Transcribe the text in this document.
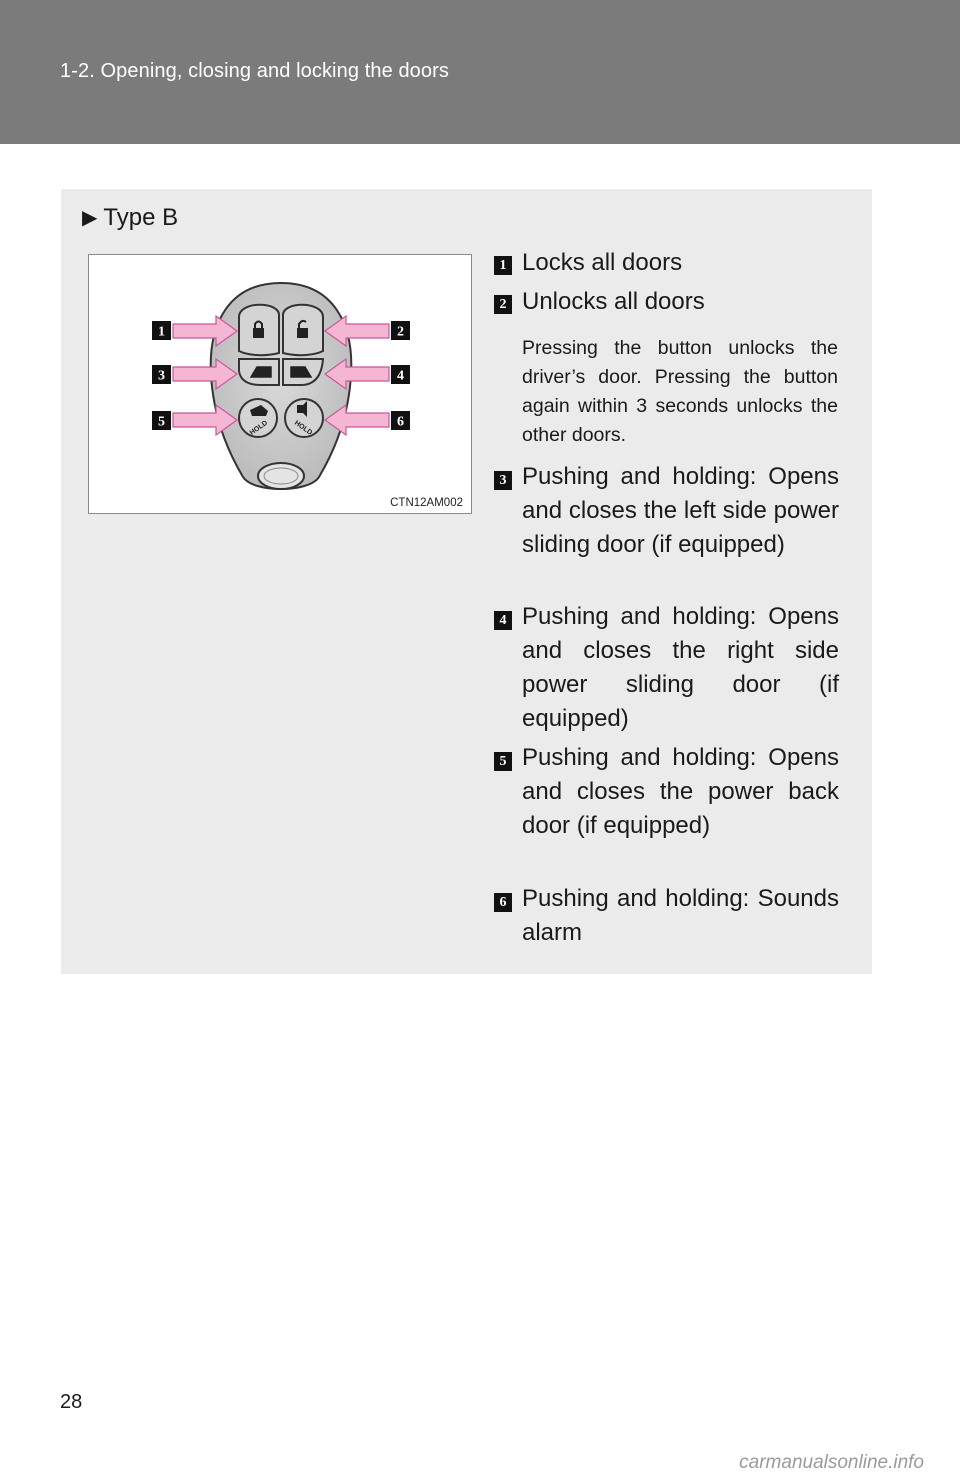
1-2. Opening, closing and locking the doors
▶ Type B
HOLD	HOLD
1
3
5
2
4
6
CTN12AM002
1 Locks all doors
2 Unlocks all doors
Pressing the button unlocks the driver’s door. Pressing the button again within 3 seconds unlocks the other doors.
3 Pushing and holding: Opens and closes the left side power sliding door (if equipped)
4 Pushing and holding: Opens and closes the right side power sliding door (if equipped)
5 Pushing and holding: Opens and closes the power back door (if equipped)
6 Pushing and holding: Sounds alarm
28
carmanualsonline.info
